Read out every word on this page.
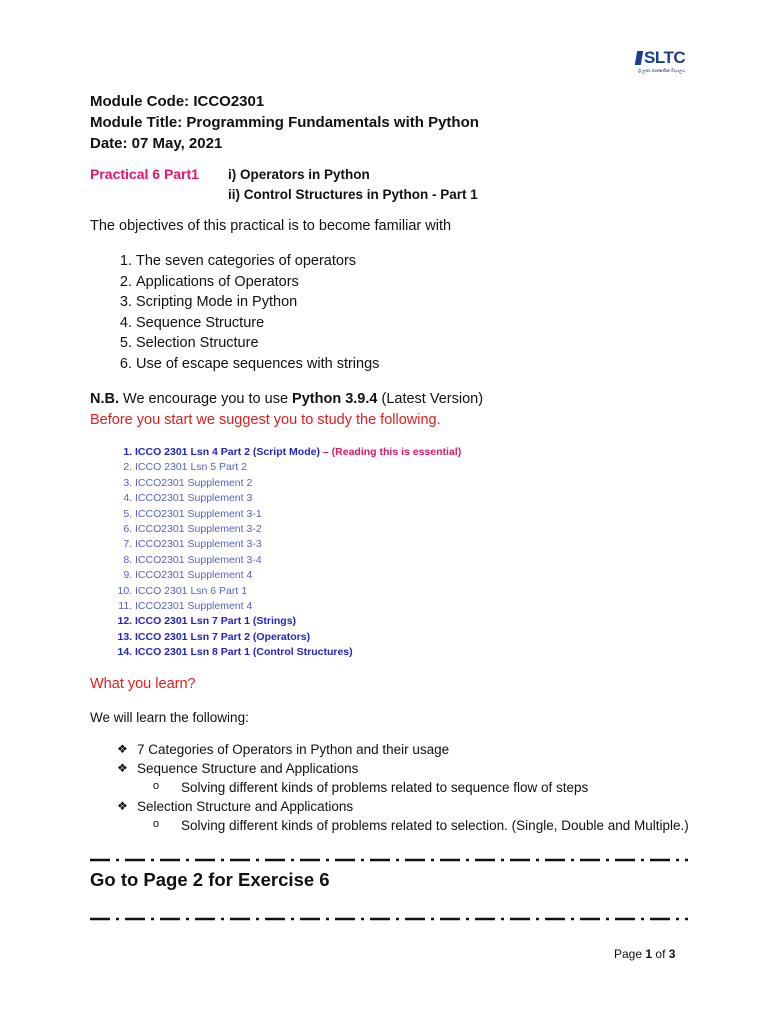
SLTC
ශ්‍රී ලංකා තාක්ෂණික විද්‍යාලය
Module Code: ICCO2301
Module Title: Programming Fundamentals with Python
Date: 07 May, 2021
Practical 6 Part1 i) Operators in Python
ii) Control Structures in Python - Part 1
The objectives of this practical is to become familiar with
1. The seven categories of operators
2. Applications of Operators
3. Scripting Mode in Python
4. Sequence Structure
5. Selection Structure
6. Use of escape sequences with strings
N.B. We encourage you to use Python 3.9.4 (Latest Version)
Before you start we suggest you to study the following.
1. ICCO 2301 Lsn 4 Part 2 (Script Mode) – (Reading this is essential)
2. ICCO 2301 Lsn 5 Part 2
3. ICCO2301 Supplement 2
4. ICCO2301 Supplement 3
5. ICCO2301 Supplement 3-1
6. ICCO2301 Supplement 3-2
7. ICCO2301 Supplement 3-3
8. ICCO2301 Supplement 3-4
9. ICCO2301 Supplement 4
10. ICCO 2301 Lsn 6 Part 1
11. ICCO2301 Supplement 4
12. ICCO 2301 Lsn 7 Part 1 (Strings)
13. ICCO 2301 Lsn 7 Part 2 (Operators)
14. ICCO 2301 Lsn 8 Part 1 (Control Structures)
What you learn?
We will learn the following:
❖ 7 Categories of Operators in Python and their usage
❖ Sequence Structure and Applications
o Solving different kinds of problems related to sequence flow of steps
❖ Selection Structure and Applications
o Solving different kinds of problems related to selection. (Single, Double and Multiple.)
Go to Page 2 for Exercise 6
Page 1 of 3
